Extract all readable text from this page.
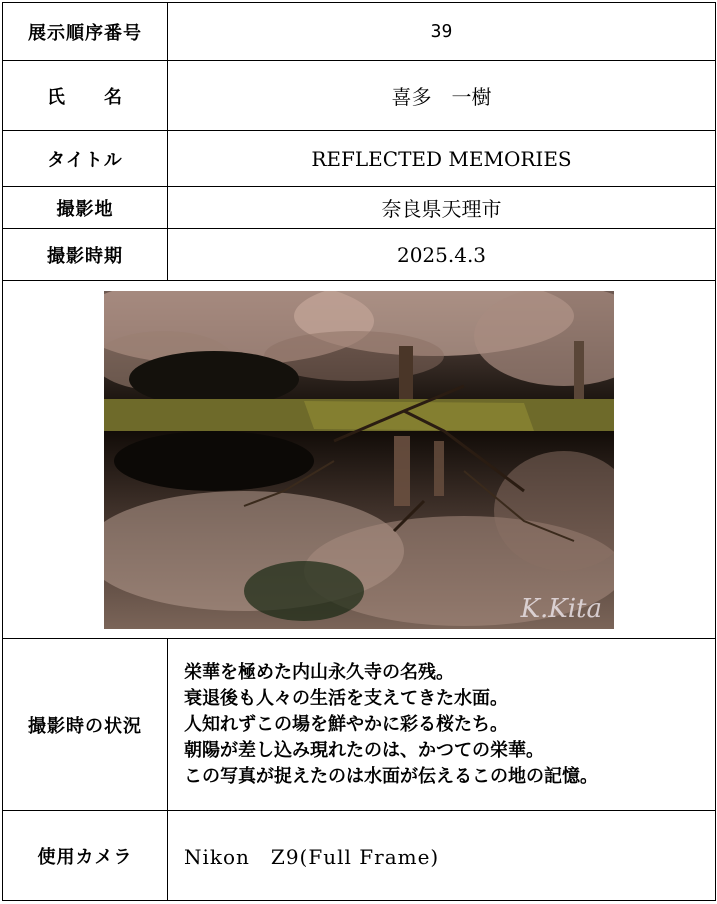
展示順序番号	39
氏　　名	喜多　一樹
タイトル	REFLECTED MEMORIES
撮影地	奈良県天理市
撮影時期	2025.4.3

K.Kita	

撮影時の状況	栄華を極めた内山永久寺の名残。
衰退後も人々の生活を支えてきた水面。
人知れずこの場を鮮やかに彩る桜たち。
朝陽が差し込み現れたのは、かつての栄華。
この写真が捉えたのは水面が伝えるこの地の記憶。

使用カメラ	Nikon　Z9(Full Frame)
